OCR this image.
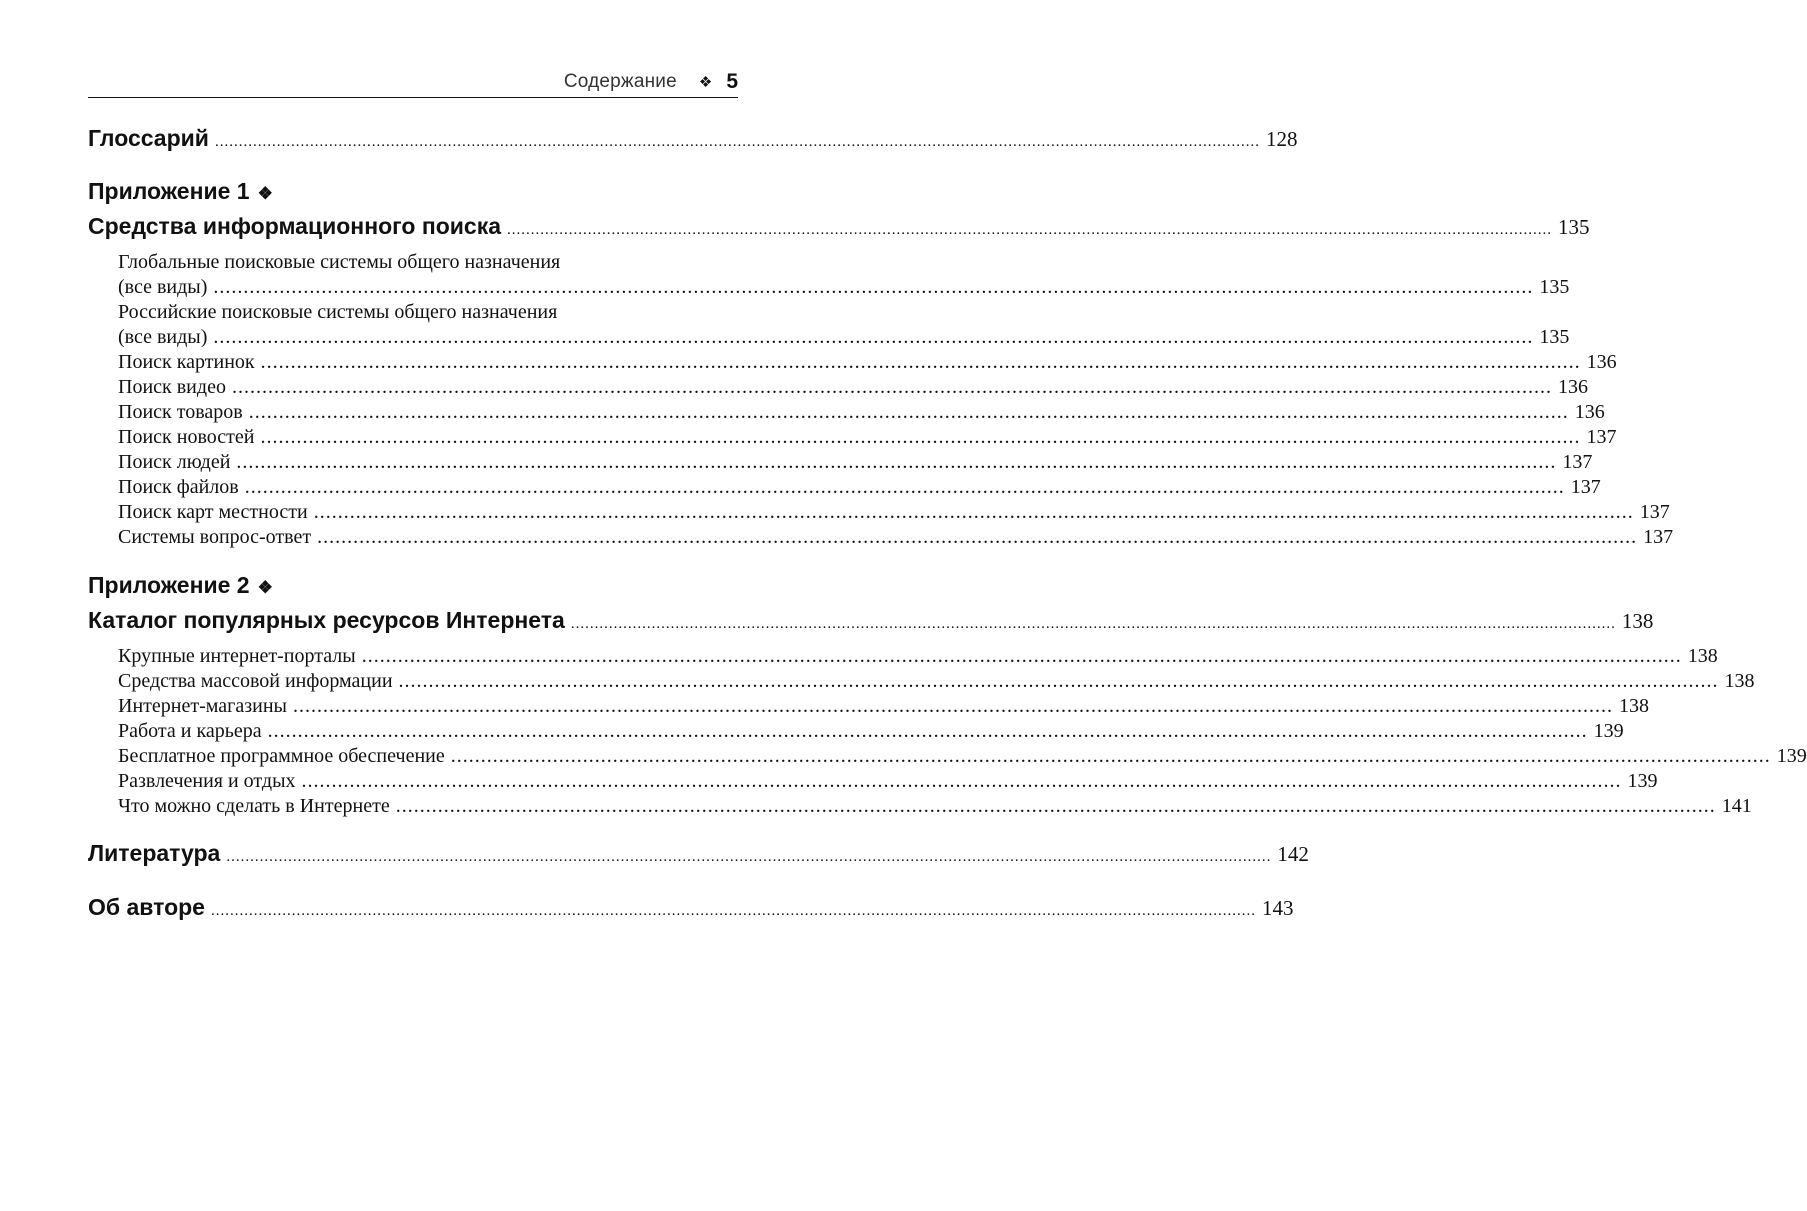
Содержание ❖ 5
Глоссарий ............................................................................................................................................................................................................................ 128
Приложение 1 ❖
Средства информационного поиска ............................................................................................................................................................................................................................ 135
Глобальные поисковые системы общего назначения
(все виды) ............................................................................................................................................................................................................................ 135
Российские поисковые системы общего назначения
(все виды) ............................................................................................................................................................................................................................ 135
Поиск картинок ............................................................................................................................................................................................................................ 136
Поиск видео ............................................................................................................................................................................................................................ 136
Поиск товаров ............................................................................................................................................................................................................................ 136
Поиск новостей ............................................................................................................................................................................................................................ 137
Поиск людей ............................................................................................................................................................................................................................ 137
Поиск файлов ............................................................................................................................................................................................................................ 137
Поиск карт местности ............................................................................................................................................................................................................................ 137
Системы вопрос-ответ ............................................................................................................................................................................................................................ 137
Приложение 2 ❖
Каталог популярных ресурсов Интернета ............................................................................................................................................................................................................................ 138
Крупные интернет-порталы ............................................................................................................................................................................................................................ 138
Средства массовой информации ............................................................................................................................................................................................................................ 138
Интернет-магазины ............................................................................................................................................................................................................................ 138
Работа и карьера ............................................................................................................................................................................................................................ 139
Бесплатное программное обеспечение ............................................................................................................................................................................................................................ 139
Развлечения и отдых ............................................................................................................................................................................................................................ 139
Что можно сделать в Интернете ............................................................................................................................................................................................................................ 141
Литература ............................................................................................................................................................................................................................ 142
Об авторе ............................................................................................................................................................................................................................ 143
